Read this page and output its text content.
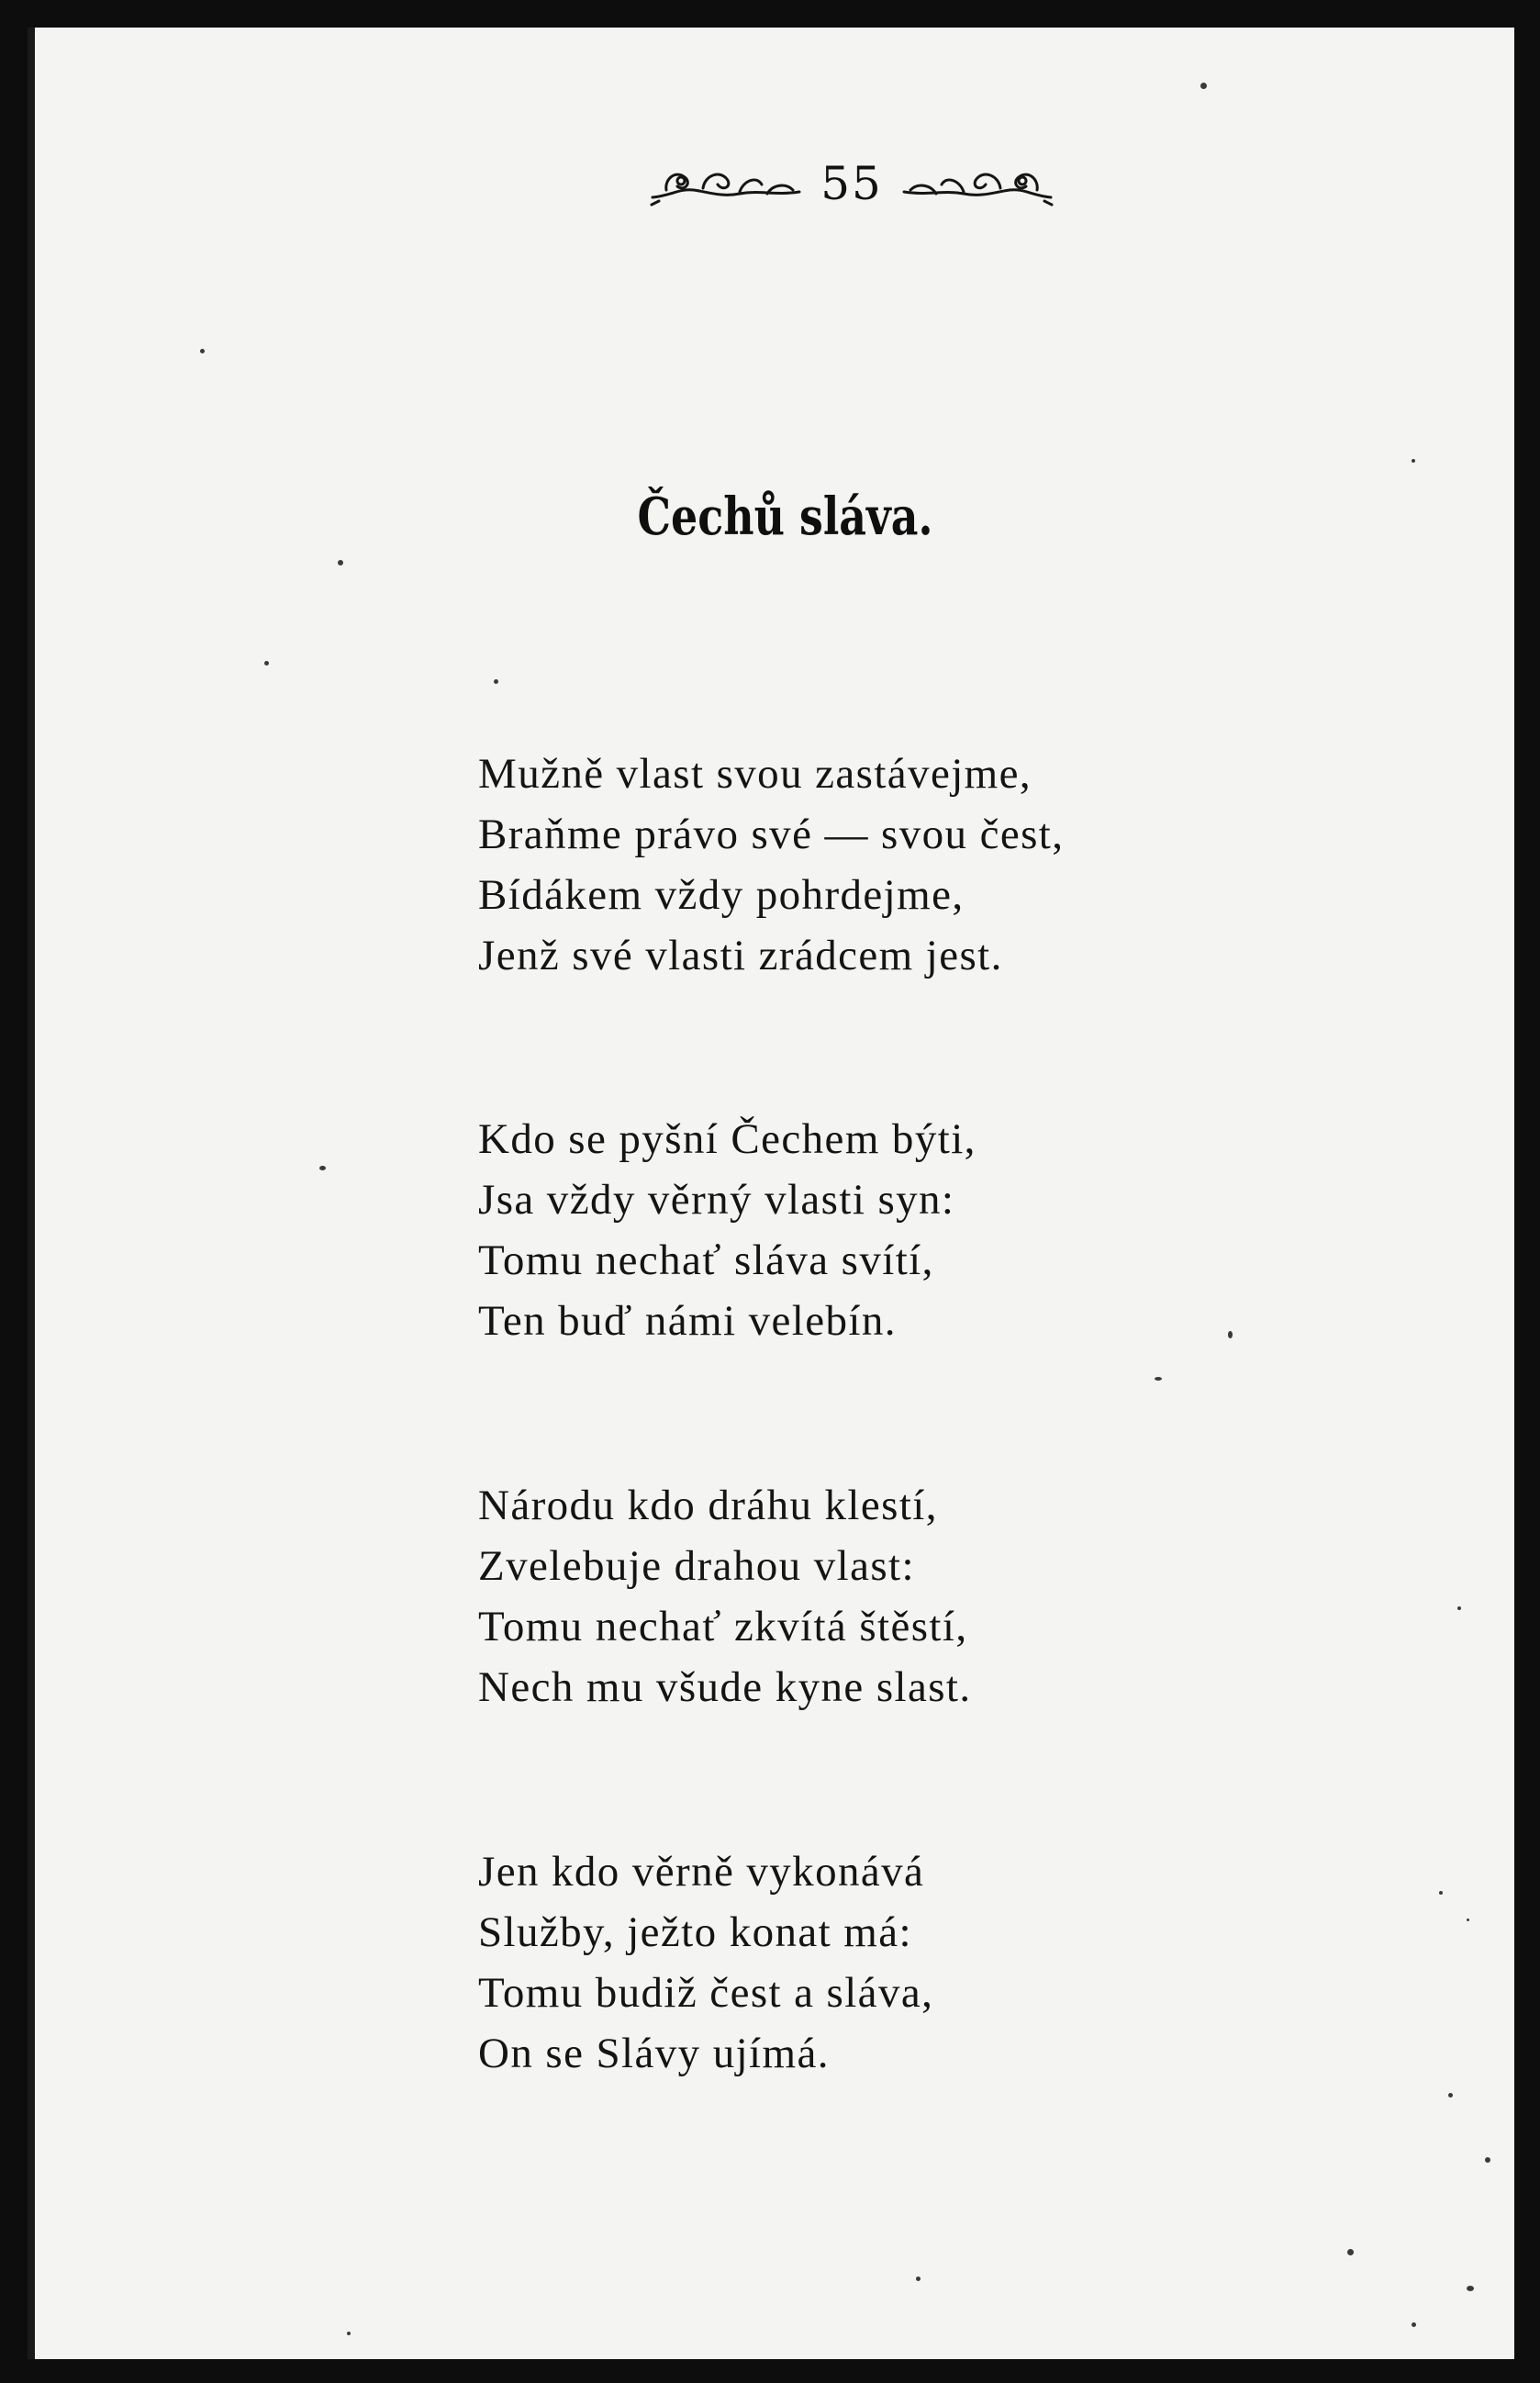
55
Čechů sláva.
Mužně vlast svou zastávejme,
Braňme právo své — svou čest,
Bídákem vždy pohrdejme,
Jenž své vlasti zrádcem jest.
Kdo se pyšní Čechem býti,
Jsa vždy věrný vlasti syn:
Tomu nechať sláva svítí,
Ten buď námi velebín.
Národu kdo dráhu klestí,
Zvelebuje drahou vlast:
Tomu nechať zkvítá štěstí,
Nech mu všude kyne slast.
Jen kdo věrně vykonává
Služby, ježto konat má:
Tomu budiž čest a sláva,
On se Slávy ujímá.
